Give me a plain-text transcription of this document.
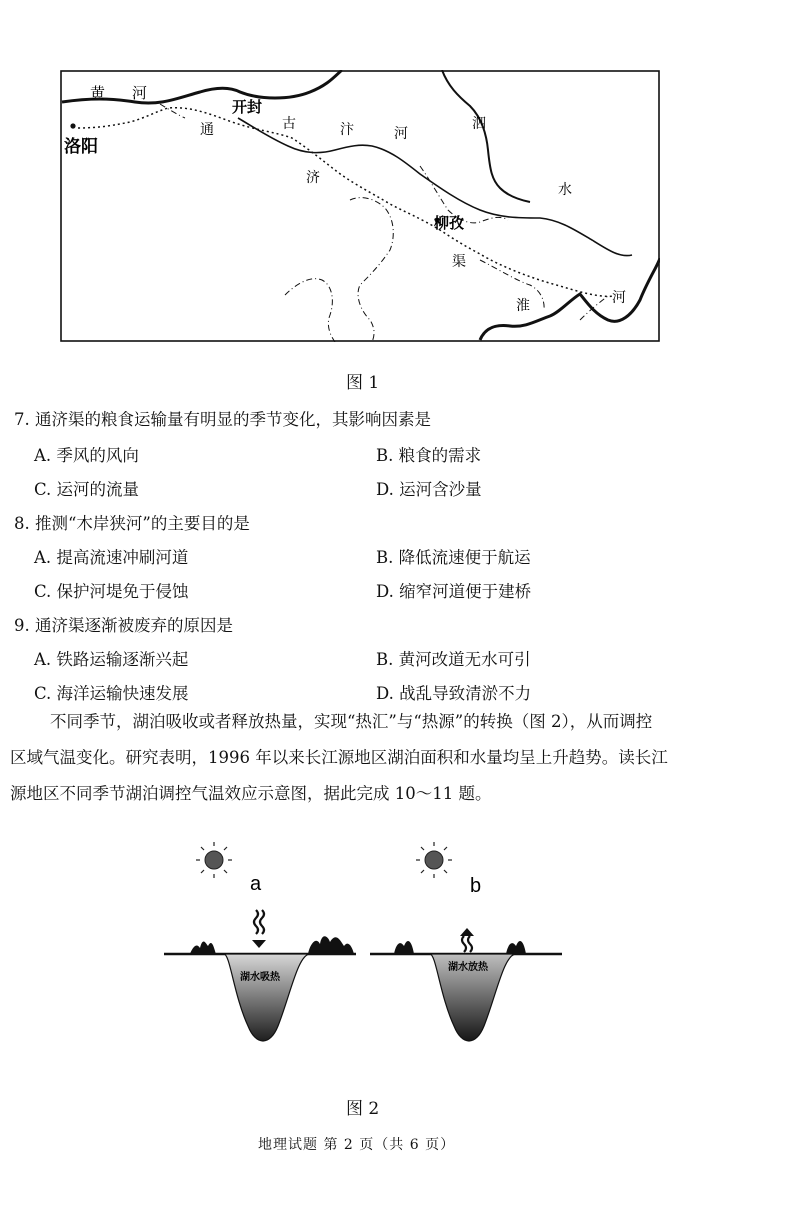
黄 河
洛阳
开封
通
济
渠
古	汴	河
泗
水
柳孜
淮	河
图 1
7. 通济渠的粮食运输量有明显的季节变化，其影响因素是
A. 季风的风向	B. 粮食的需求
C. 运河的流量	D. 运河含沙量
8. 推测“木岸狭河”的主要目的是
A. 提高流速冲刷河道	B. 降低流速便于航运
C. 保护河堤免于侵蚀	D. 缩窄河道便于建桥
9. 通济渠逐渐被废弃的原因是
A. 铁路运输逐渐兴起	B. 黄河改道无水可引
C. 海洋运输快速发展	D. 战乱导致清淤不力

不同季节，湖泊吸收或者释放热量，实现“热汇”与“热源”的转换（图 2），从而调控

区域气温变化。研究表明，1996 年以来长江源地区湖泊面积和水量均呈上升趋势。读长江

源地区不同季节湖泊调控气温效应示意图，据此完成 10～11 题。

a
湖水吸热
b
湖水放热
图 2
地理试题 第 2 页（共 6 页）
